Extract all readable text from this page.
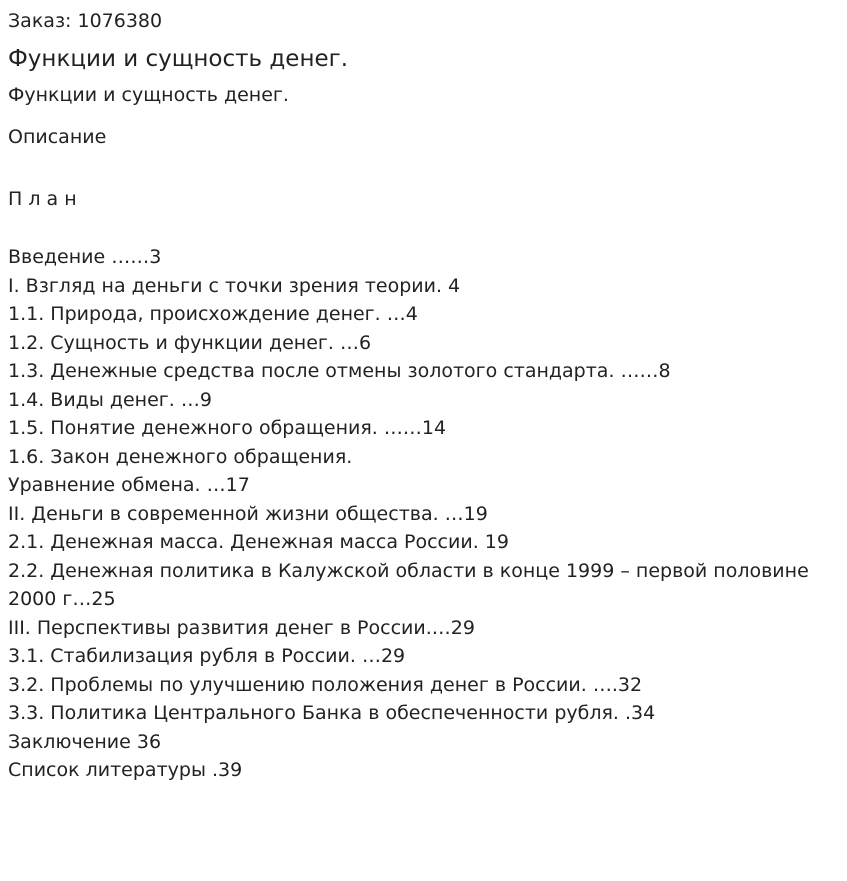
Заказ: 1076380
Функции и сущность денег.
Функции и сущность денег.
Описание
П л а н
Введение ……3
I. Взгляд на деньги с точки зрения теории. 4
1.1. Природа, происхождение денег. …4
1.2. Сущность и функции денег. …6
1.3. Денежные средства после отмены золотого стандарта. ……8
1.4. Виды денег. …9
1.5. Понятие денежного обращения. ……14
1.6. Закон денежного обращения.
Уравнение обмена. …17
II. Деньги в современной жизни общества. …19
2.1. Денежная масса. Денежная масса России. 19
2.2. Денежная политика в Калужской области в конце 1999 – первой половине 2000 г…25
III. Перспективы развития денег в России.…29
3.1. Стабилизация рубля в России. …29
3.2. Проблемы по улучшению положения денег в России. ….32
3.3. Политика Центрального Банка в обеспеченности рубля. .34
Заключение 36
Список литературы .39
